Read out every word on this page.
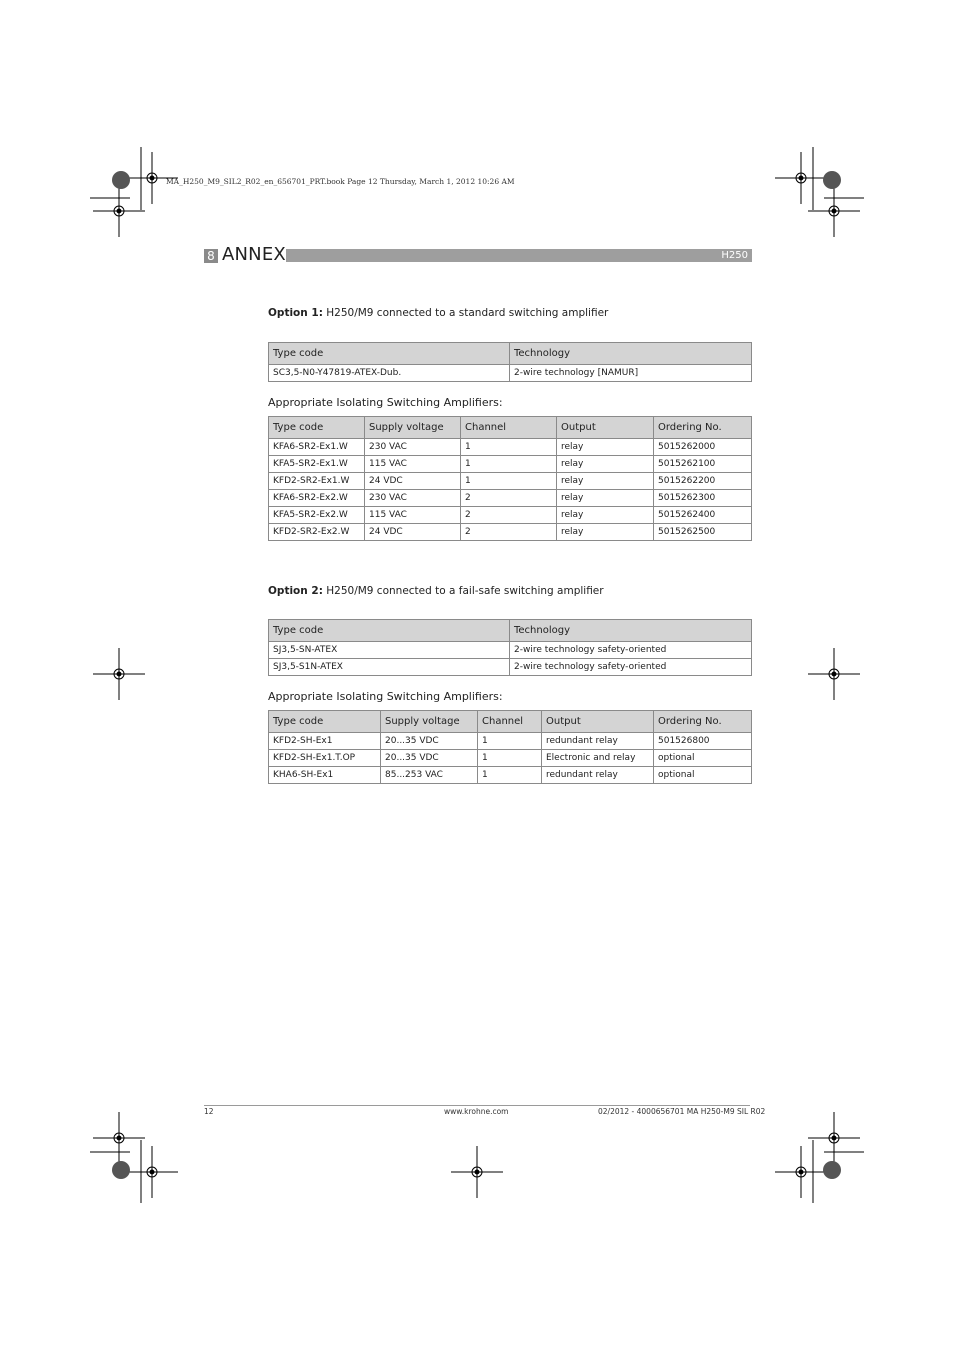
MA_H250_M9_SIL2_R02_en_656701_PRT.book Page 12 Thursday, March 1, 2012 10:26 AM
8 ANNEX	H250
Option 1: H250/M9 connected to a standard switching amplifier
Type code	Technology
SC3,5-N0-Y47819-ATEX-Dub.	2-wire technology [NAMUR]
Appropriate Isolating Switching Amplifiers:
Type code	Supply voltage	Channel	Output	Ordering No.
KFA6-SR2-Ex1.W	230 VAC	1	relay	5015262000
KFA5-SR2-Ex1.W	115 VAC	1	relay	5015262100
KFD2-SR2-Ex1.W	24 VDC	1	relay	5015262200
KFA6-SR2-Ex2.W	230 VAC	2	relay	5015262300
KFA5-SR2-Ex2.W	115 VAC	2	relay	5015262400
KFD2-SR2-Ex2.W	24 VDC	2	relay	5015262500
Option 2: H250/M9 connected to a fail-safe switching amplifier
Type code	Technology
SJ3,5-SN-ATEX	2-wire technology safety-oriented
SJ3,5-S1N-ATEX	2-wire technology safety-oriented
Appropriate Isolating Switching Amplifiers:
Type code	Supply voltage	Channel	Output	Ordering No.
KFD2-SH-Ex1	20...35 VDC	1	redundant relay	501526800
KFD2-SH-Ex1.T.OP	20...35 VDC	1	Electronic and relay	optional
KHA6-SH-Ex1	85...253 VAC	1	redundant relay	optional
12	www.krohne.com	02/2012 - 4000656701 MA H250-M9 SIL R02
